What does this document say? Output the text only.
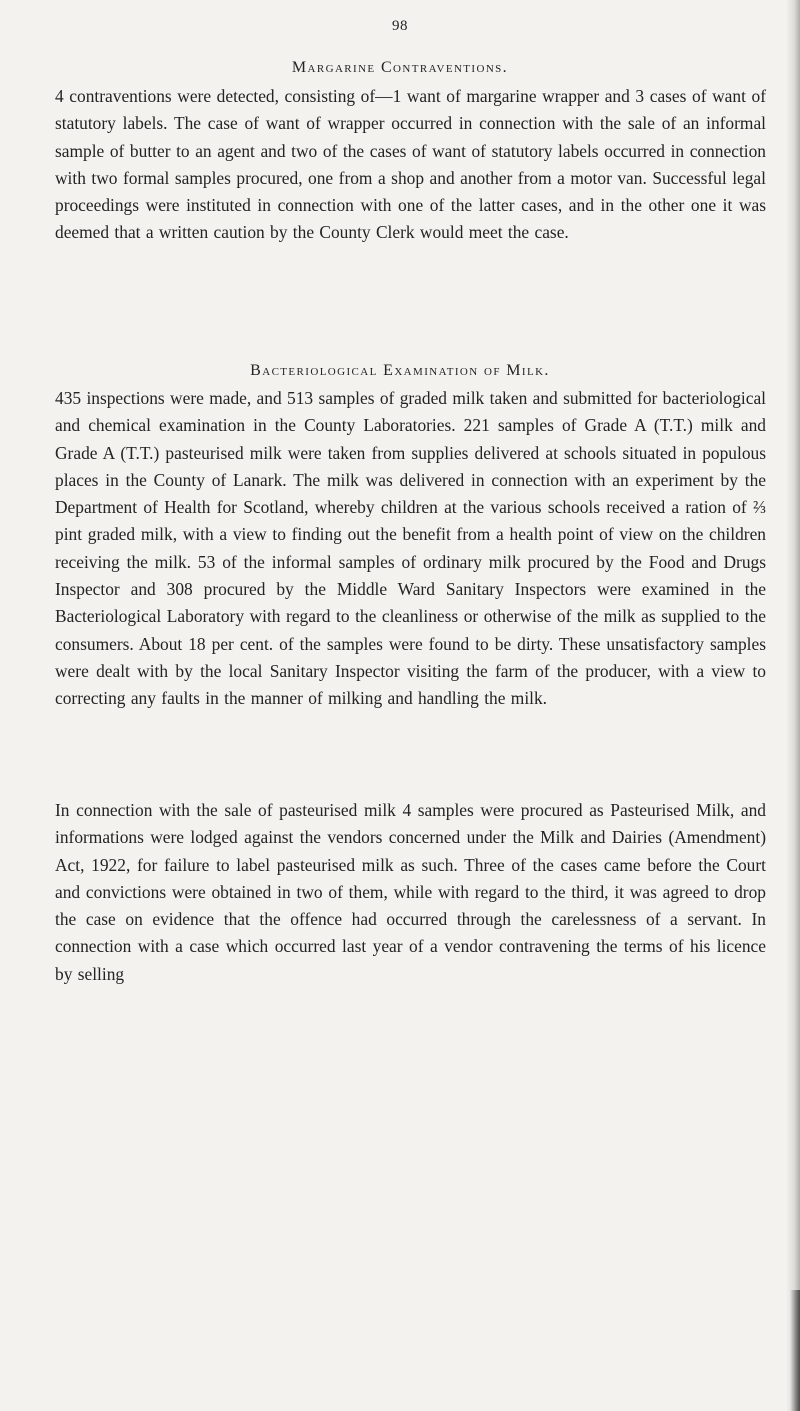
98
Margarine Contraventions.

4 contraventions were detected, consisting of—1 want of margarine wrapper and 3 cases of want of statutory labels. The case of want of wrapper occurred in connection with the sale of an informal sample of butter to an agent and two of the cases of want of statutory labels occurred in connection with two formal samples procured, one from a shop and another from a motor van. Successful legal proceedings were instituted in connection with one of the latter cases, and in the other one it was deemed that a written caution by the County Clerk would meet the case.

Bacteriological Examination of Milk.

435 inspections were made, and 513 samples of graded milk taken and submitted for bacteriological and chemical examination in the County Laboratories. 221 samples of Grade A (T.T.) milk and Grade A (T.T.) pasteurised milk were taken from supplies delivered at schools situated in populous places in the County of Lanark. The milk was delivered in connection with an experiment by the Department of Health for Scotland, whereby children at the various schools received a ration of ⅔ pint graded milk, with a view to finding out the benefit from a health point of view on the children receiving the milk. 53 of the informal samples of ordinary milk procured by the Food and Drugs Inspector and 308 procured by the Middle Ward Sanitary Inspectors were examined in the Bacteriological Laboratory with regard to the cleanliness or otherwise of the milk as supplied to the consumers. About 18 per cent. of the samples were found to be dirty. These unsatisfactory samples were dealt with by the local Sanitary Inspector visiting the farm of the producer, with a view to correcting any faults in the manner of milking and handling the milk.

In connection with the sale of pasteurised milk 4 samples were procured as Pasteurised Milk, and informations were lodged against the vendors concerned under the Milk and Dairies (Amendment) Act, 1922, for failure to label pasteurised milk as such. Three of the cases came before the Court and convictions were obtained in two of them, while with regard to the third, it was agreed to drop the case on evidence that the offence had occurred through the carelessness of a servant. In connection with a case which occurred last year of a vendor contravening the terms of his licence by selling
